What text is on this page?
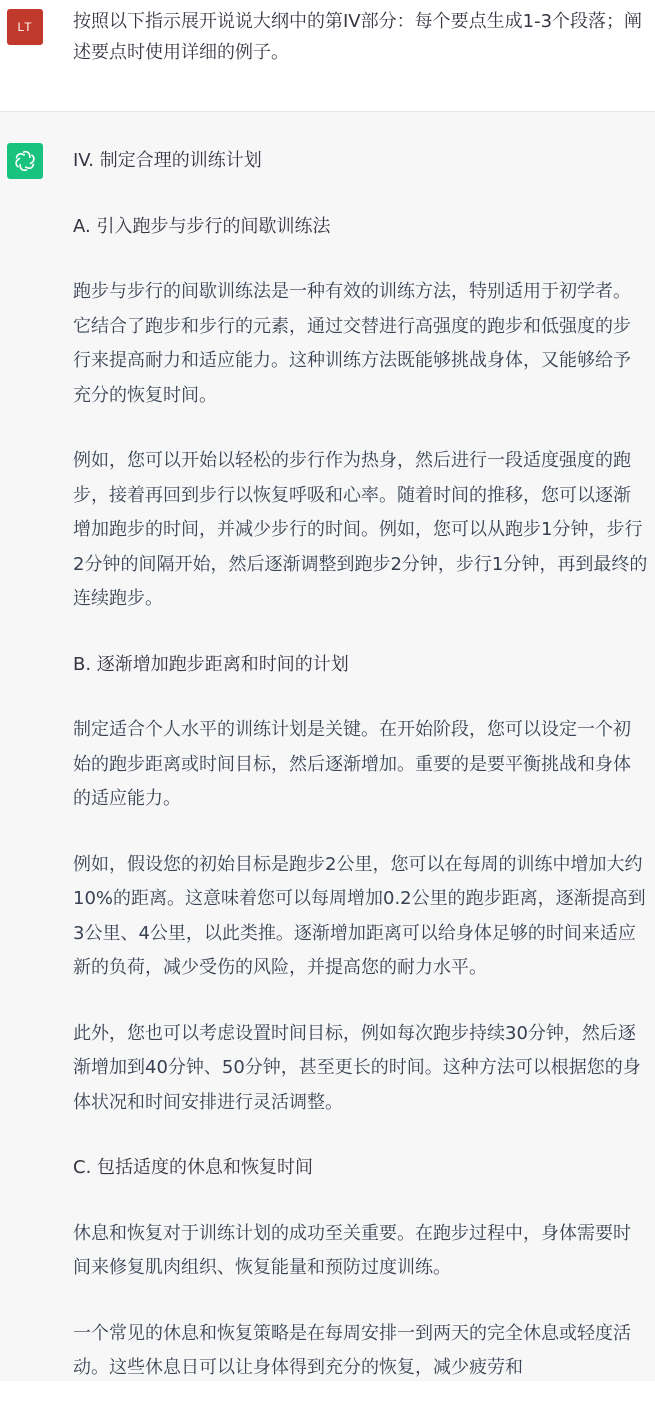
LT 按照以下指示展开说说大纲中的第IV部分：每个要点生成1-3个段落；阐述要点时使用详细的例子。

IV. 制定合理的训练计划

A. 引入跑步与步行的间歇训练法

跑步与步行的间歇训练法是一种有效的训练方法，特别适用于初学者。它结合了跑步和步行的元素，通过交替进行高强度的跑步和低强度的步行来提高耐力和适应能力。这种训练方法既能够挑战身体，又能够给予充分的恢复时间。

例如，您可以开始以轻松的步行作为热身，然后进行一段适度强度的跑步，接着再回到步行以恢复呼吸和心率。随着时间的推移，您可以逐渐增加跑步的时间，并减少步行的时间。例如，您可以从跑步1分钟，步行2分钟的间隔开始，然后逐渐调整到跑步2分钟，步行1分钟，再到最终的连续跑步。

B. 逐渐增加跑步距离和时间的计划

制定适合个人水平的训练计划是关键。在开始阶段，您可以设定一个初始的跑步距离或时间目标，然后逐渐增加。重要的是要平衡挑战和身体的适应能力。

例如，假设您的初始目标是跑步2公里，您可以在每周的训练中增加大约10%的距离。这意味着您可以每周增加0.2公里的跑步距离，逐渐提高到3公里、4公里，以此类推。逐渐增加距离可以给身体足够的时间来适应新的负荷，减少受伤的风险，并提高您的耐力水平。

此外，您也可以考虑设置时间目标，例如每次跑步持续30分钟，然后逐渐增加到40分钟、50分钟，甚至更长的时间。这种方法可以根据您的身体状况和时间安排进行灵活调整。

C. 包括适度的休息和恢复时间

休息和恢复对于训练计划的成功至关重要。在跑步过程中，身体需要时间来修复肌肉组织、恢复能量和预防过度训练。

一个常见的休息和恢复策略是在每周安排一到两天的完全休息或轻度活动。这些休息日可以让身体得到充分的恢复，减少疲劳和
